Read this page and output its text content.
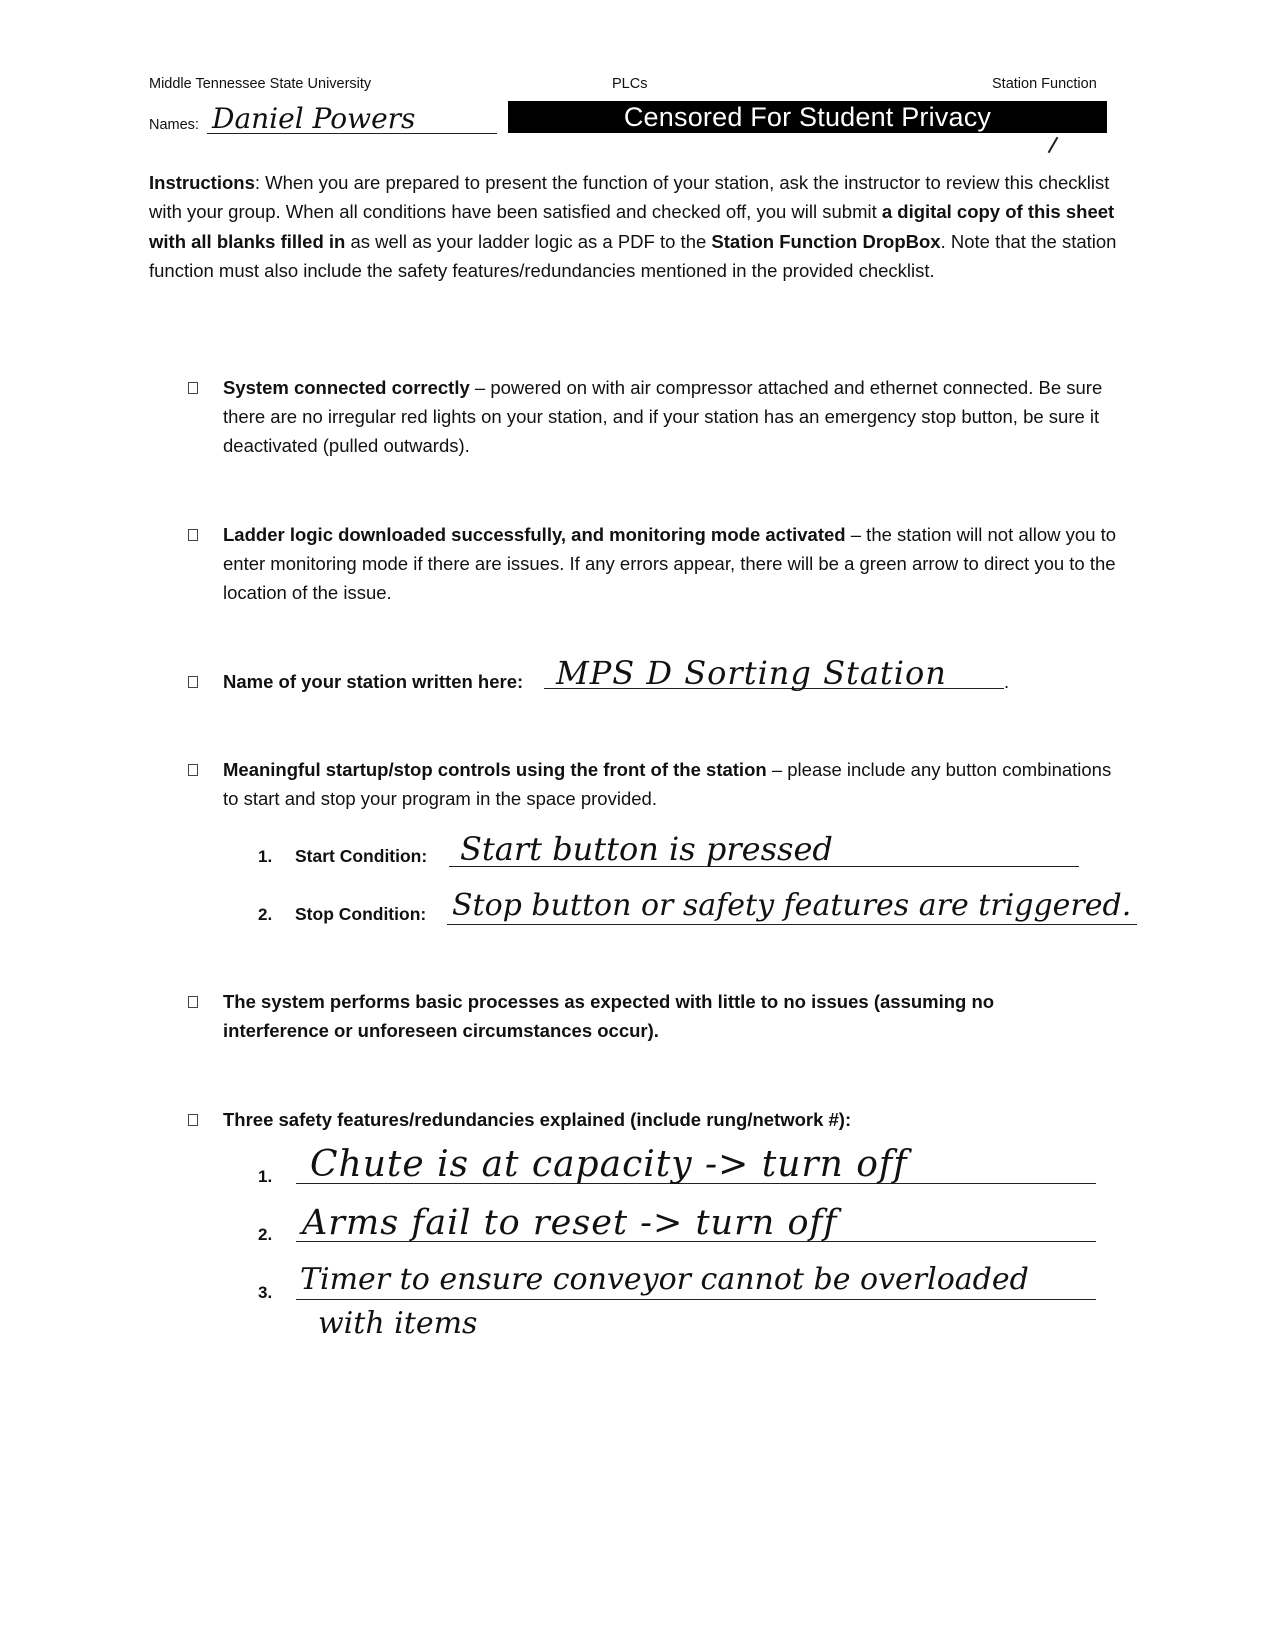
Middle Tennessee State University	PLCs	Station Function
Names: Daniel Powers	Censored For Student Privacy
Instructions: When you are prepared to present the function of your station, ask the instructor to review this checklist with your group. When all conditions have been satisfied and checked off, you will submit a digital copy of this sheet with all blanks filled in as well as your ladder logic as a PDF to the Station Function DropBox. Note that the station function must also include the safety features/redundancies mentioned in the provided checklist.
System connected correctly – powered on with air compressor attached and ethernet connected. Be sure there are no irregular red lights on your station, and if your station has an emergency stop button, be sure it deactivated (pulled outwards).
Ladder logic downloaded successfully, and monitoring mode activated – the station will not allow you to enter monitoring mode if there are issues. If any errors appear, there will be a green arrow to direct you to the location of the issue.
Name of your station written here: MPS D Sorting Station	.
Meaningful startup/stop controls using the front of the station – please include any button combinations to start and stop your program in the space provided.
1. Start Condition: Start button is pressed
2. Stop Condition: Stop button or safety features are triggered.
The system performs basic processes as expected with little to no issues (assuming no interference or unforeseen circumstances occur).
Three safety features/redundancies explained (include rung/network #):
1. Chute is at capacity -> turn off
2. Arms fail to reset -> turn off
3. Timer to ensure conveyor cannot be overloaded
with items
